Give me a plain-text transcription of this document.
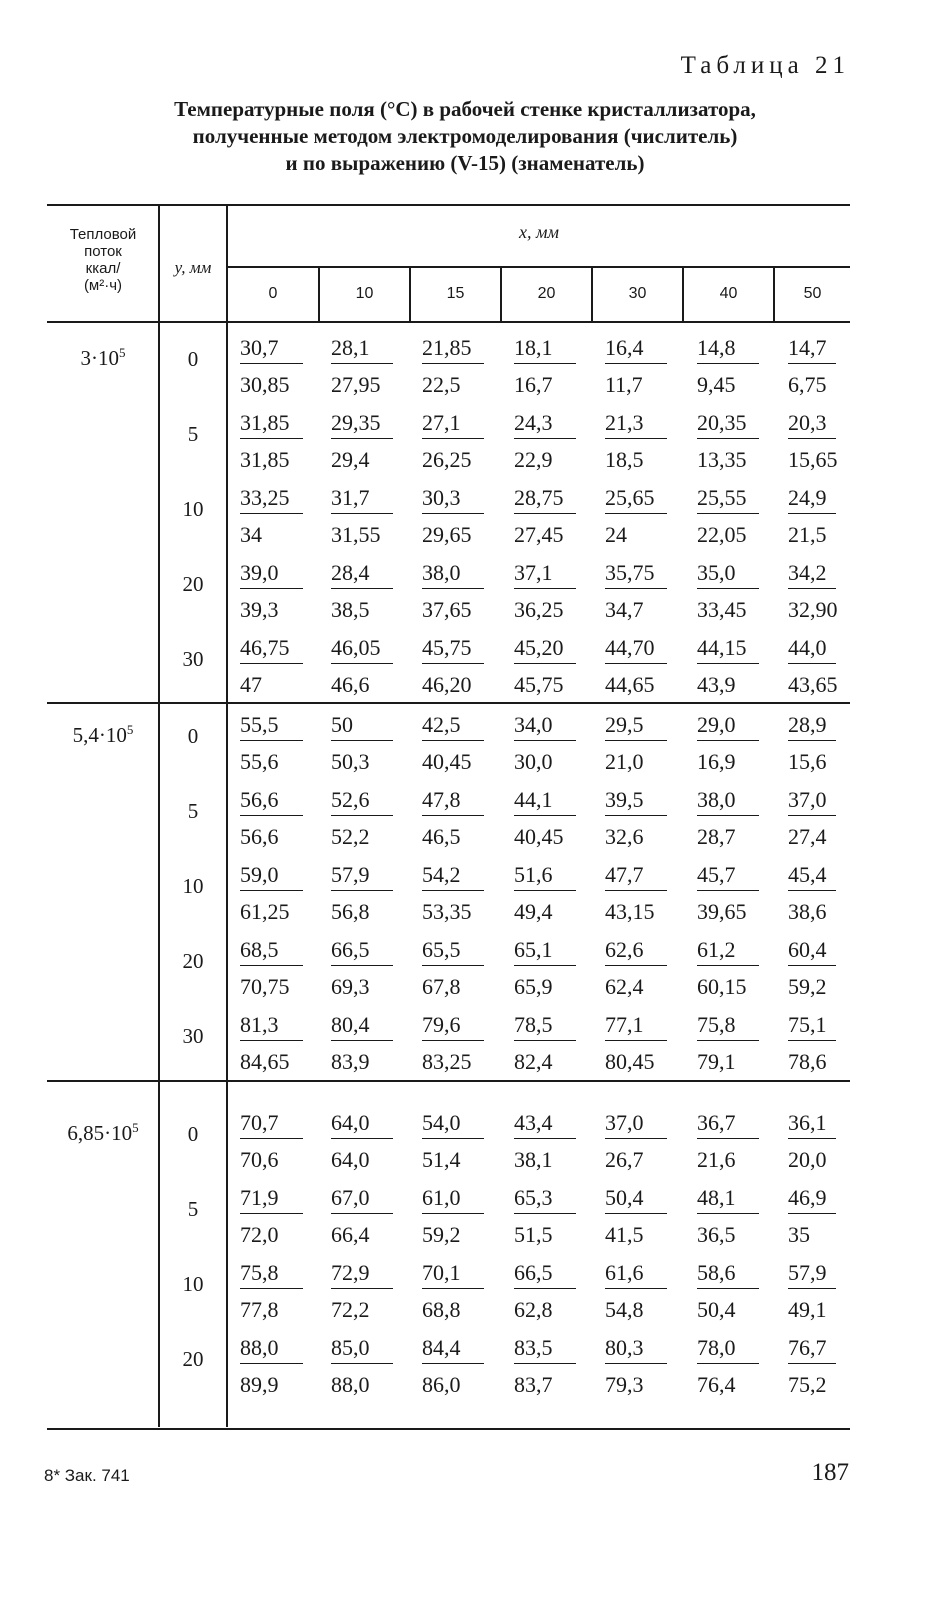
Таблица 21
Температурные поля (°С) в рабочей стенке кристаллизатора,
полученные методом электромоделирования (числитель)
и по выражению (V-15) (знаменатель)
Тепловой
поток
ккал/
(м²·ч)
y, мм
x, мм
0	10	15	20	30	40	50
$3\cdot 10^5$	0	30,7	28,1	21,85	18,1	16,4	14,8	14,7
30,85	27,95	22,5	16,7	11,7	9,45	6,75
5	31,85	29,35	27,1	24,3	21,3	20,35	20,3
31,85	29,4	26,25	22,9	18,5	13,35	15,65
10	33,25	31,7	30,3	28,75	25,65	25,55	24,9
34	31,55	29,65	27,45	24	22,05	21,5
20	39,0	28,4	38,0	37,1	35,75	35,0	34,2
39,3	38,5	37,65	36,25	34,7	33,45	32,90
30	46,75	46,05	45,75	45,20	44,70	44,15	44,0
47	46,6	46,20	45,75	44,65	43,9	43,65
$5,4\cdot 10^5$	0	55,5	50	42,5	34,0	29,5	29,0	28,9
55,6	50,3	40,45	30,0	21,0	16,9	15,6
5	56,6	52,6	47,8	44,1	39,5	38,0	37,0
56,6	52,2	46,5	40,45	32,6	28,7	27,4
10	59,0	57,9	54,2	51,6	47,7	45,7	45,4
61,25	56,8	53,35	49,4	43,15	39,65	38,6
20	68,5	66,5	65,5	65,1	62,6	61,2	60,4
70,75	69,3	67,8	65,9	62,4	60,15	59,2
30	81,3	80,4	79,6	78,5	77,1	75,8	75,1
84,65	83,9	83,25	82,4	80,45	79,1	78,6
$6,85\cdot 10^5$	0	70,7	64,0	54,0	43,4	37,0	36,7	36,1
70,6	64,0	51,4	38,1	26,7	21,6	20,0
5	71,9	67,0	61,0	65,3	50,4	48,1	46,9
72,0	66,4	59,2	51,5	41,5	36,5	35
10	75,8	72,9	70,1	66,5	61,6	58,6	57,9
77,8	72,2	68,8	62,8	54,8	50,4	49,1
20	88,0	85,0	84,4	83,5	80,3	78,0	76,7
89,9	88,0	86,0	83,7	79,3	76,4	75,2
8* Зак. 741	187
